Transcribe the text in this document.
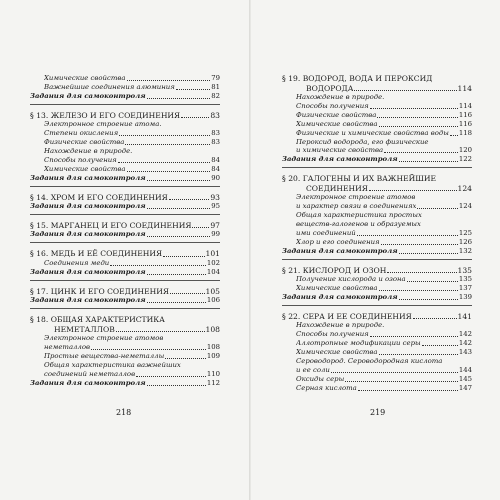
Химические свойства	79
Важнейшие соединения алюминия	81
Задания для самоконтроля	82
§ 13. ЖЕЛЕЗО И ЕГО СОЕДИНЕНИЯ	83
Электронное строение атома.
Степени окисления	83
Физические свойства	83
Нахождение в природе.
Способы получения	84
Химические свойства	84
Задания для самоконтроля	90
§ 14. ХРОМ И ЕГО СОЕДИНЕНИЯ	93
Задания для самоконтроля	95
§ 15. МАРГАНЕЦ И ЕГО СОЕДИНЕНИЯ 97
Задания для самоконтроля	99
§ 16. МЕДЬ И ЕЁ СОЕДИНЕНИЯ	101
Соединения меди	102
Задания для самоконтроля	104
§ 17. ЦИНК И ЕГО СОЕДИНЕНИЯ	105
Задания для самоконтроля	106
§ 18. ОБЩАЯ ХАРАКТЕРИСТИКА
НЕМЕТАЛЛОВ	108
Электронное строение атомов
неметаллов	108
Простые вещества-неметаллы	109
Общая характеристика важнейших
соединений неметаллов	110
Задания для самоконтроля	112
§ 19. ВОДОРОД, ВОДА И ПЕРОКСИД
ВОДОРОДА	114
Нахождение в природе.
Способы получения	114
Физические свойства	116
Химические свойства	116
Физические и химические свойства воды 118
Пероксид водорода, его физические
и химические свойства	120
Задания для самоконтроля	122
§ 20. ГАЛОГЕНЫ И ИХ ВАЖНЕЙШИЕ
СОЕДИНЕНИЯ	124
Электронное строение атомов
и характер связи в соединениях	124
Общая характеристика простых
веществ-галогенов и образуемых
ими соединений	125
Хлор и его соединения	126
Задания для самоконтроля	132
§ 21. КИСЛОРОД И ОЗОН	135
Получение кислорода и озона	135
Химические свойства	137
Задания для самоконтроля	139
§ 22. СЕРА И ЕЕ СОЕДИНЕНИЯ	141
Нахождение в природе.
Способы получения	142
Аллотропные модификации серы	142
Химические свойства	143
Сероводород. Сероводородная кислота
и ее соли	144
Оксиды серы	145
Серная кислота	147
218	219
